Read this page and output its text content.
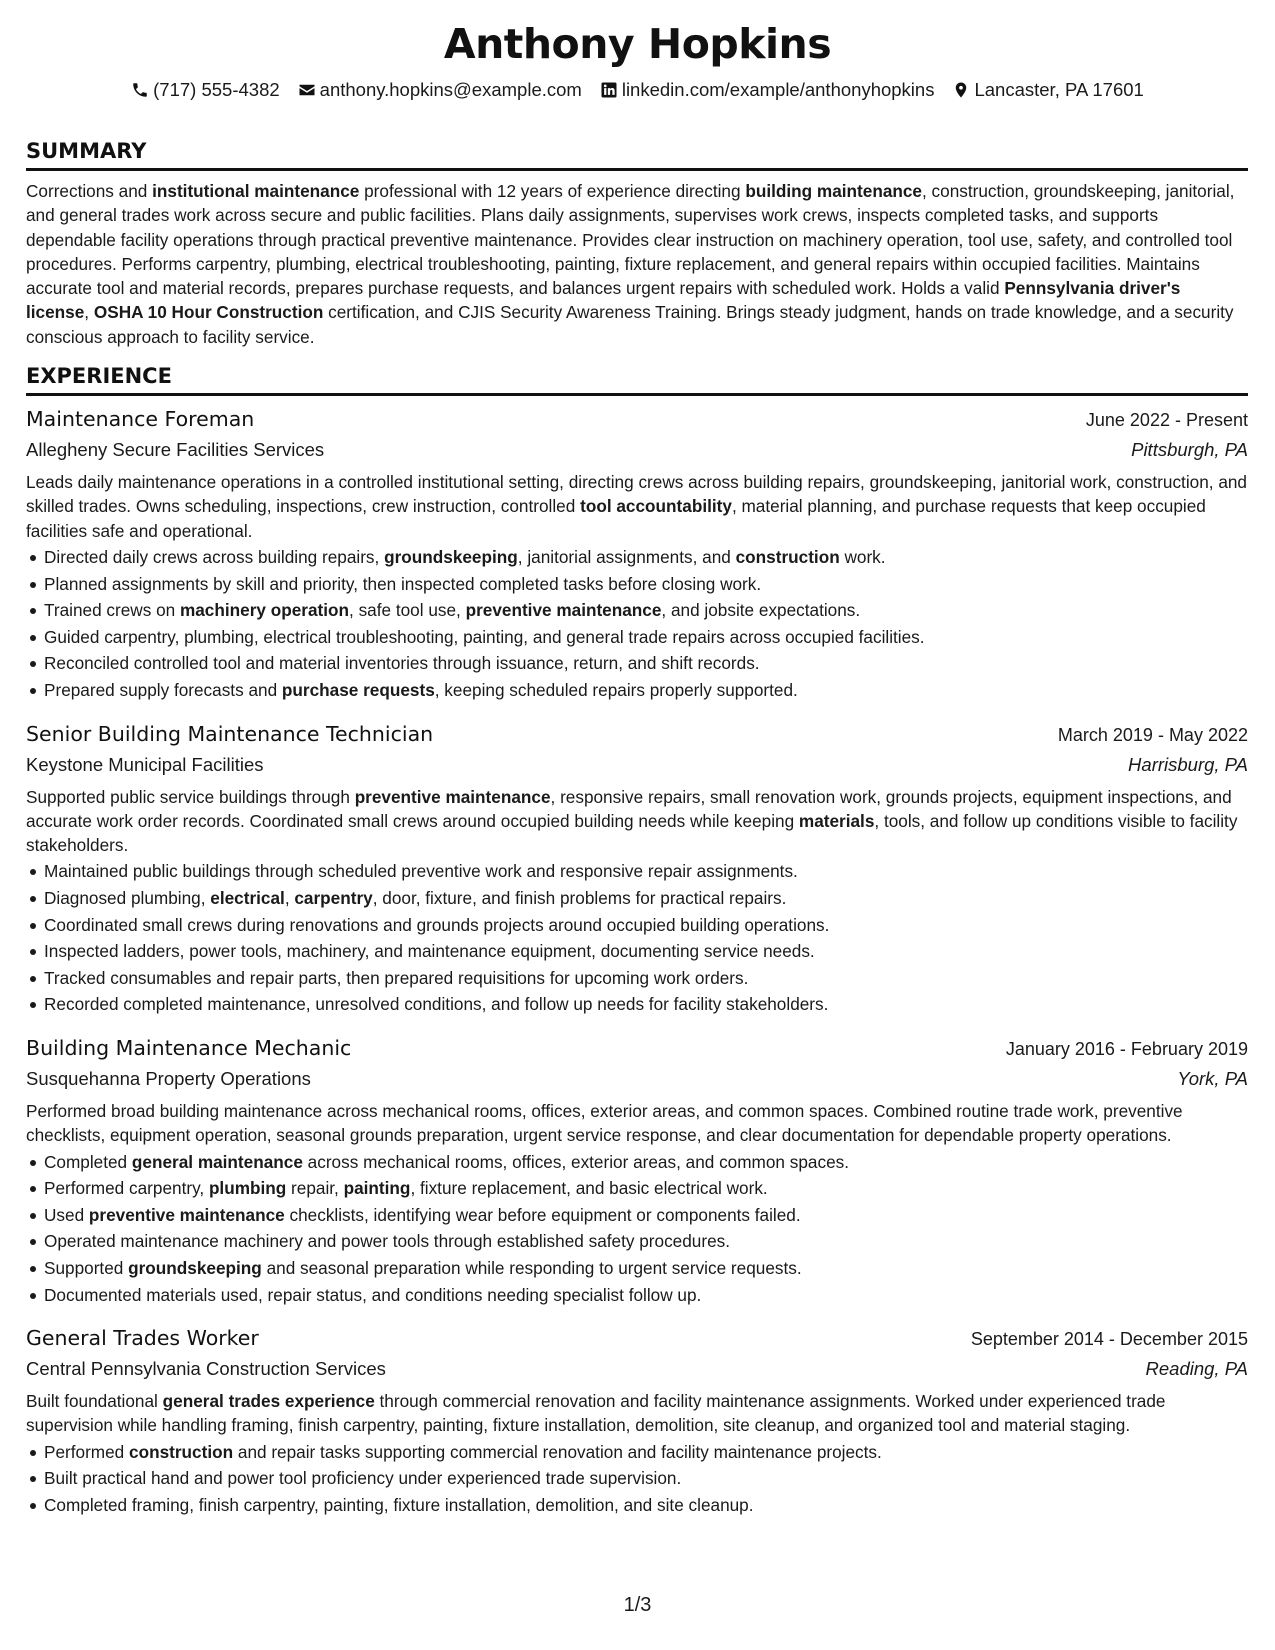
Anthony Hopkins
(717) 555-4382 anthony.hopkins@example.com linkedin.com/example/anthonyhopkins Lancaster, PA 17601
SUMMARY

Corrections and institutional maintenance professional with 12 years of experience directing building maintenance, construction, groundskeeping, janitorial, and general trades work across secure and public facilities. Plans daily assignments, supervises work crews, inspects completed tasks, and supports dependable facility operations through practical preventive maintenance. Provides clear instruction on machinery operation, tool use, safety, and controlled tool procedures. Performs carpentry, plumbing, electrical troubleshooting, painting, fixture replacement, and general repairs within occupied facilities. Maintains accurate tool and material records, prepares purchase requests, and balances urgent repairs with scheduled work. Holds a valid Pennsylvania driver's license, OSHA 10 Hour Construction certification, and CJIS Security Awareness Training. Brings steady judgment, hands on trade knowledge, and a security conscious approach to facility service.

EXPERIENCE
Maintenance Foreman	June 2022 - Present
Allegheny Secure Facilities Services	Pittsburgh, PA

Leads daily maintenance operations in a controlled institutional setting, directing crews across building repairs, groundskeeping, janitorial work, construction, and skilled trades. Owns scheduling, inspections, crew instruction, controlled tool accountability, material planning, and purchase requests that keep occupied facilities safe and operational.

Directed daily crews across building repairs, groundskeeping, janitorial assignments, and construction work.
Planned assignments by skill and priority, then inspected completed tasks before closing work.
Trained crews on machinery operation, safe tool use, preventive maintenance, and jobsite expectations.
Guided carpentry, plumbing, electrical troubleshooting, painting, and general trade repairs across occupied facilities.
Reconciled controlled tool and material inventories through issuance, return, and shift records.
Prepared supply forecasts and purchase requests, keeping scheduled repairs properly supported.
Senior Building Maintenance Technician	March 2019 - May 2022
Keystone Municipal Facilities	Harrisburg, PA

Supported public service buildings through preventive maintenance, responsive repairs, small renovation work, grounds projects, equipment inspections, and accurate work order records. Coordinated small crews around occupied building needs while keeping materials, tools, and follow up conditions visible to facility stakeholders.

Maintained public buildings through scheduled preventive work and responsive repair assignments.
Diagnosed plumbing, electrical, carpentry, door, fixture, and finish problems for practical repairs.
Coordinated small crews during renovations and grounds projects around occupied building operations.
Inspected ladders, power tools, machinery, and maintenance equipment, documenting service needs.
Tracked consumables and repair parts, then prepared requisitions for upcoming work orders.
Recorded completed maintenance, unresolved conditions, and follow up needs for facility stakeholders.
Building Maintenance Mechanic	January 2016 - February 2019
Susquehanna Property Operations	York, PA

Performed broad building maintenance across mechanical rooms, offices, exterior areas, and common spaces. Combined routine trade work, preventive checklists, equipment operation, seasonal grounds preparation, urgent service response, and clear documentation for dependable property operations.

Completed general maintenance across mechanical rooms, offices, exterior areas, and common spaces.
Performed carpentry, plumbing repair, painting, fixture replacement, and basic electrical work.
Used preventive maintenance checklists, identifying wear before equipment or components failed.
Operated maintenance machinery and power tools through established safety procedures.
Supported groundskeeping and seasonal preparation while responding to urgent service requests.
Documented materials used, repair status, and conditions needing specialist follow up.
General Trades Worker	September 2014 - December 2015
Central Pennsylvania Construction Services	Reading, PA

Built foundational general trades experience through commercial renovation and facility maintenance assignments. Worked under experienced trade supervision while handling framing, finish carpentry, painting, fixture installation, demolition, site cleanup, and organized tool and material staging.

Performed construction and repair tasks supporting commercial renovation and facility maintenance projects.
Built practical hand and power tool proficiency under experienced trade supervision.
Completed framing, finish carpentry, painting, fixture installation, demolition, and site cleanup.
1/3
